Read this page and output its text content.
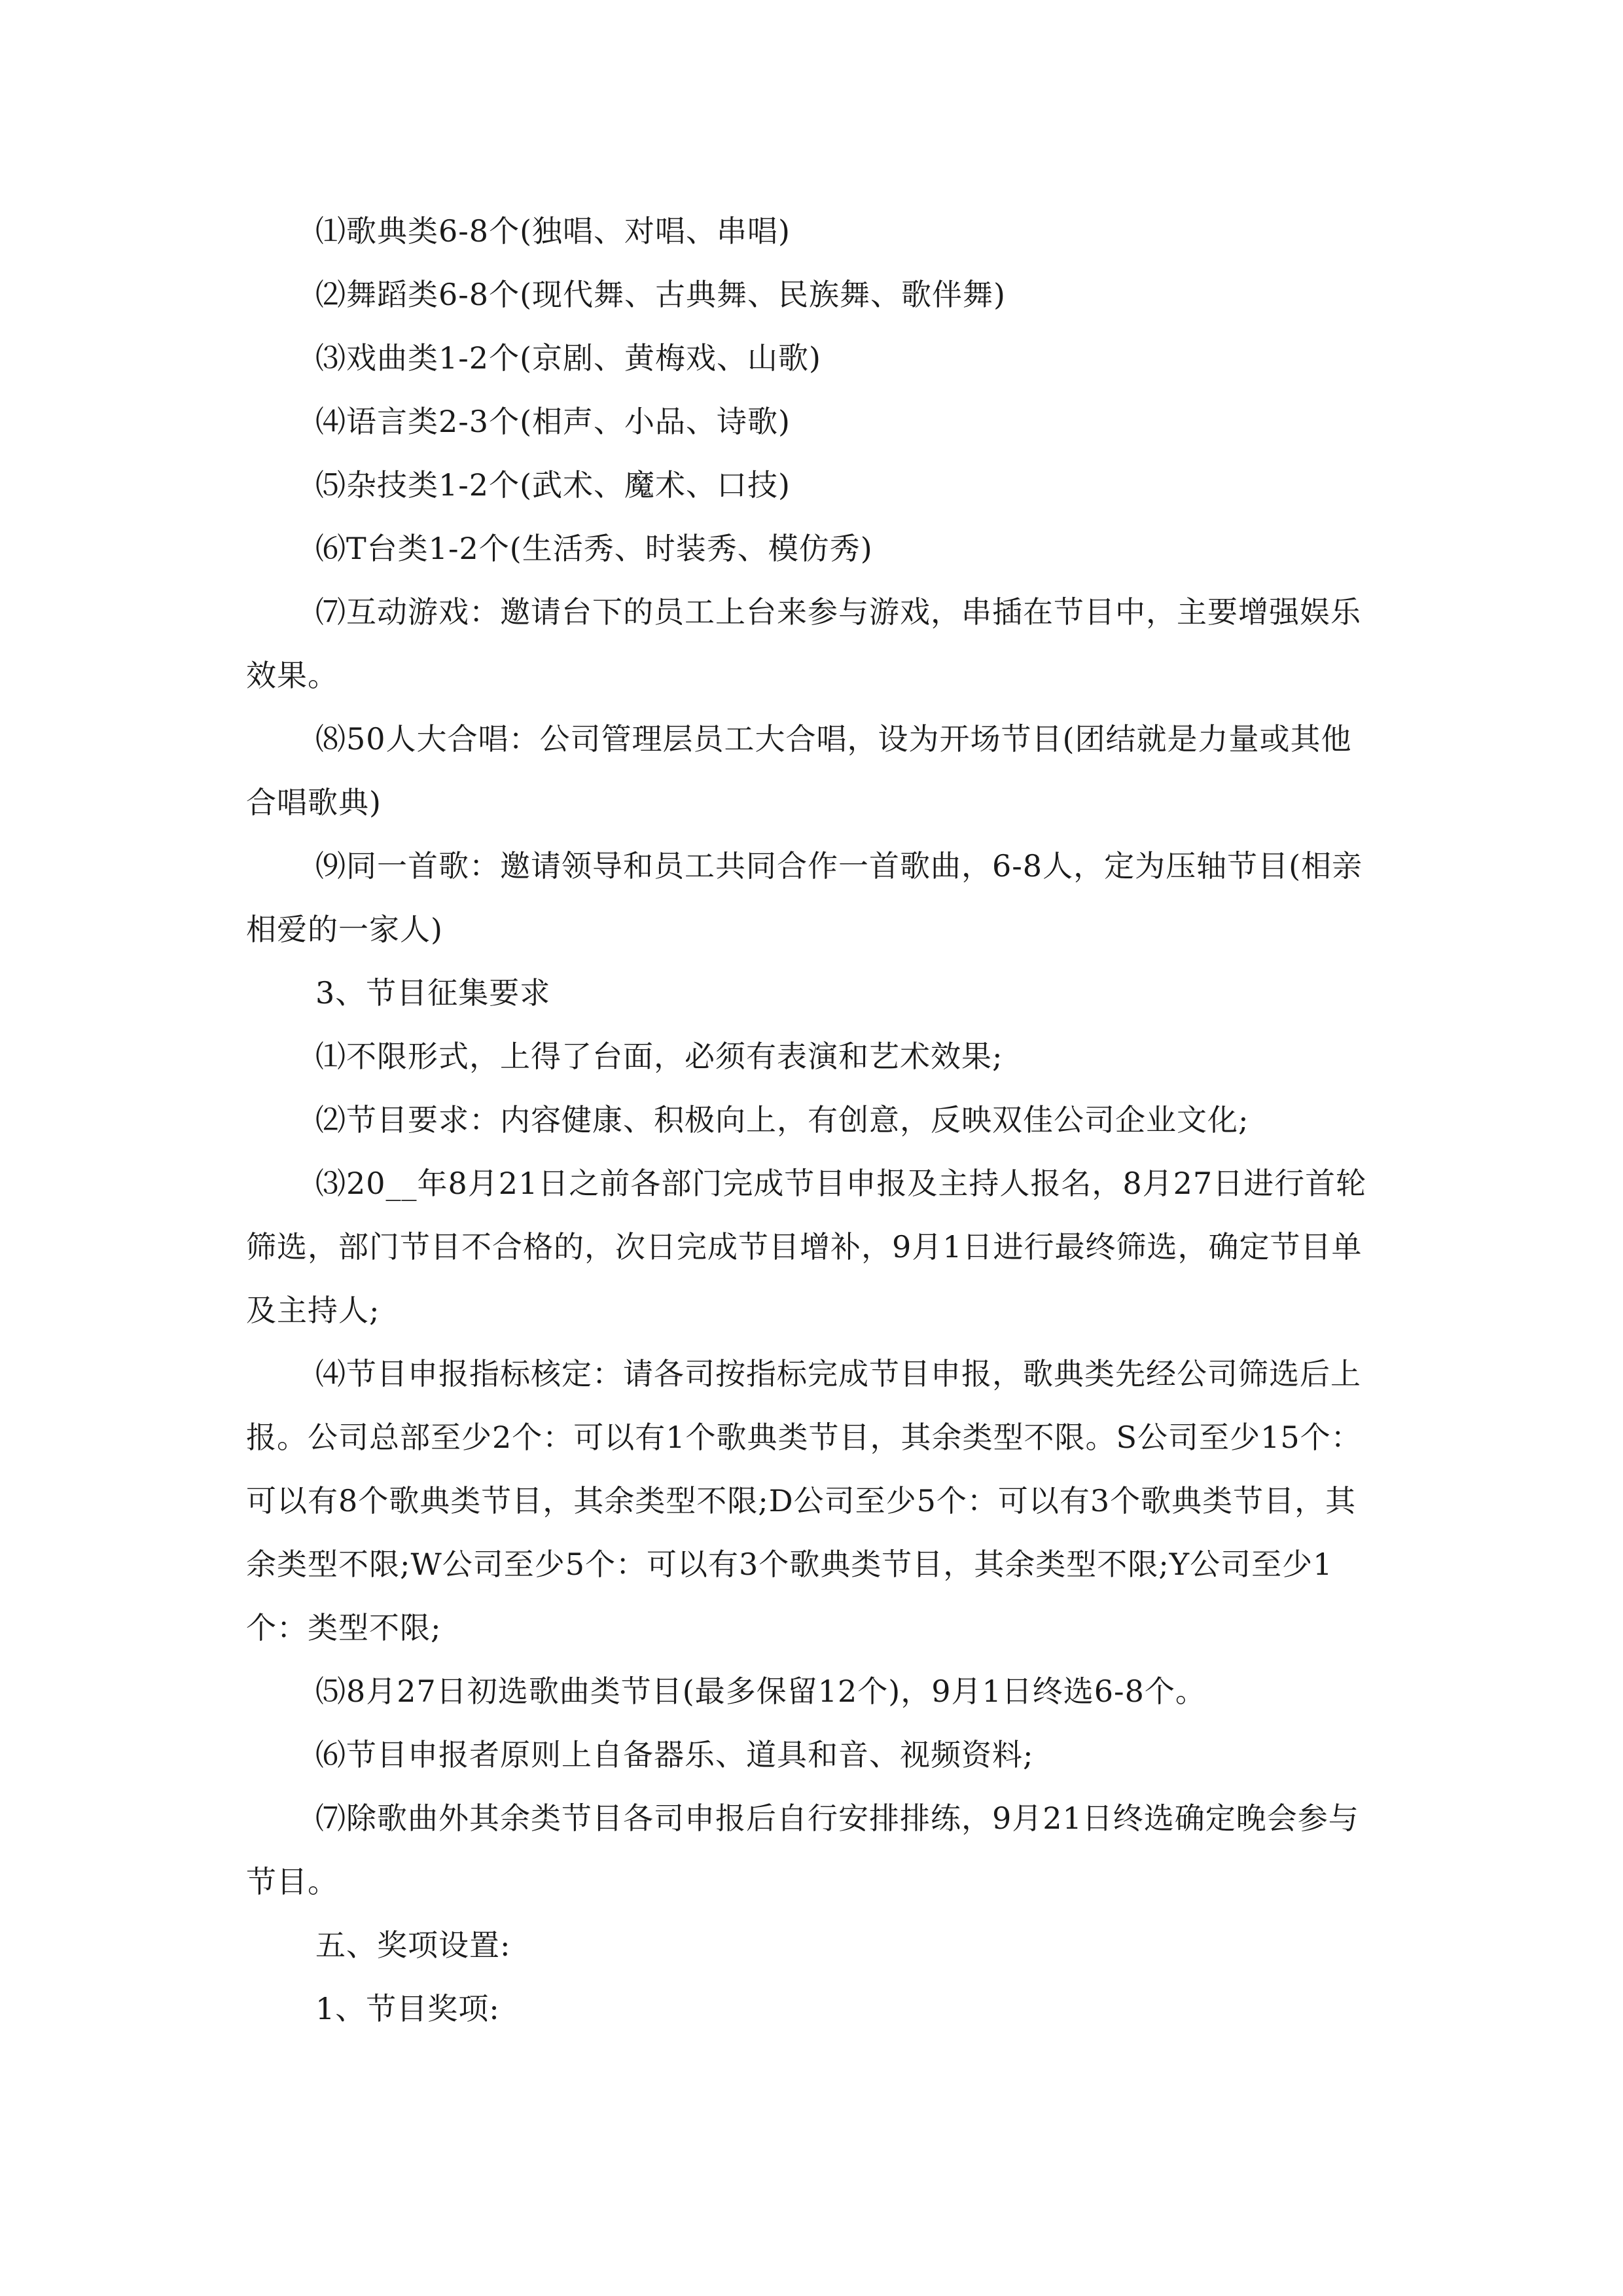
⑴歌典类6-8个(独唱、对唱、串唱)

⑵舞蹈类6-8个(现代舞、古典舞、民族舞、歌伴舞)

⑶戏曲类1-2个(京剧、黄梅戏、山歌)

⑷语言类2-3个(相声、小品、诗歌)

⑸杂技类1-2个(武术、魔术、口技)

⑹T台类1-2个(生活秀、时装秀、模仿秀)

⑺互动游戏：邀请台下的员工上台来参与游戏，串插在节目中，主要增强娱乐效果。

⑻50人大合唱：公司管理层员工大合唱，设为开场节目(团结就是力量或其他合唱歌典)

⑼同一首歌：邀请领导和员工共同合作一首歌曲，6-8人，定为压轴节目(相亲相爱的一家人)

3、节目征集要求

⑴不限形式，上得了台面，必须有表演和艺术效果;

⑵节目要求：内容健康、积极向上，有创意，反映双佳公司企业文化;

⑶20__年8月21日之前各部门完成节目申报及主持人报名，8月27日进行首轮筛选，部门节目不合格的，次日完成节目增补，9月1日进行最终筛选，确定节目单及主持人;

⑷节目申报指标核定：请各司按指标完成节目申报，歌典类先经公司筛选后上报。公司总部至少2个：可以有1个歌典类节目，其余类型不限。S公司至少15个：可以有8个歌典类节目，其余类型不限;D公司至少5个：可以有3个歌典类节目，其余类型不限;W公司至少5个：可以有3个歌典类节目，其余类型不限;Y公司至少1个：类型不限;

⑸8月27日初选歌曲类节目(最多保留12个)，9月1日终选6-8个。

⑹节目申报者原则上自备器乐、道具和音、视频资料;

⑺除歌曲外其余类节目各司申报后自行安排排练，9月21日终选确定晚会参与节目。

五、奖项设置:

1、节目奖项:
